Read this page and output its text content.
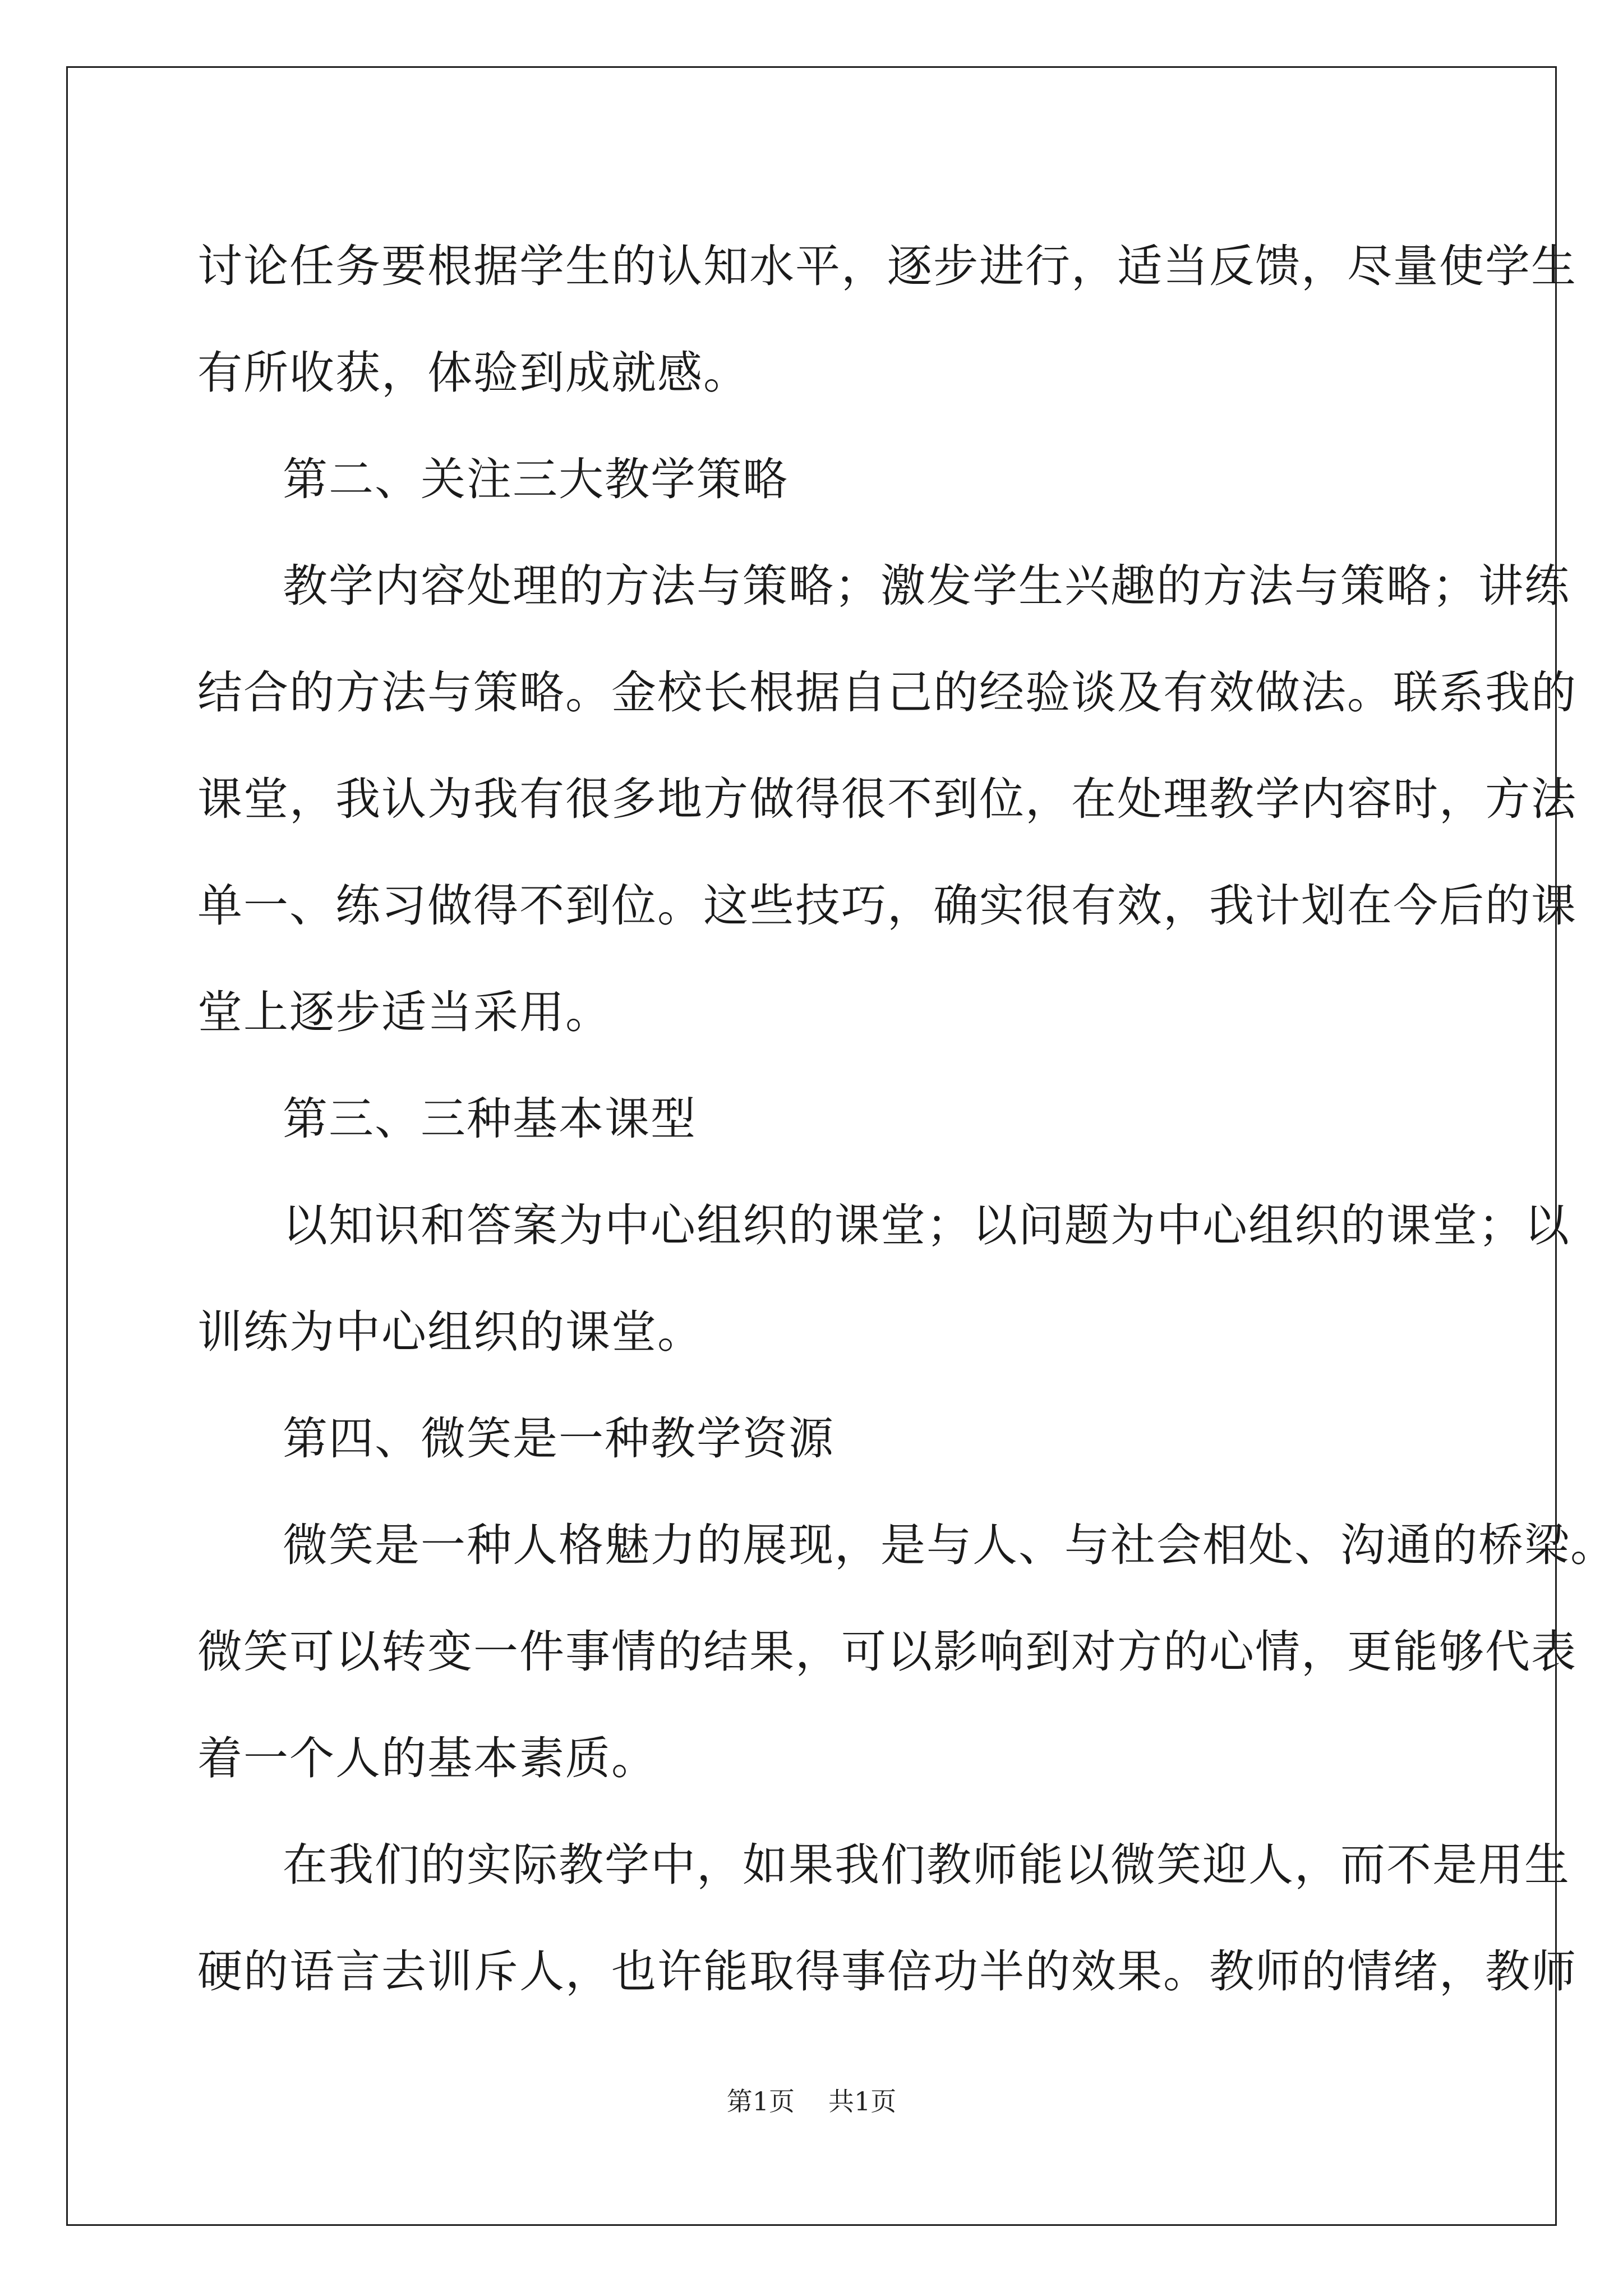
讨论任务要根据学生的认知水平，逐步进行，适当反馈，尽量使学生

有所收获，体验到成就感。

第二、关注三大教学策略

教学内容处理的方法与策略；激发学生兴趣的方法与策略；讲练

结合的方法与策略。金校长根据自己的经验谈及有效做法。联系我的

课堂，我认为我有很多地方做得很不到位，在处理教学内容时，方法

单一、练习做得不到位。这些技巧，确实很有效，我计划在今后的课

堂上逐步适当采用。

第三、三种基本课型

以知识和答案为中心组织的课堂；以问题为中心组织的课堂；以

训练为中心组织的课堂。

第四、微笑是一种教学资源

微笑是一种人格魅力的展现，是与人、与社会相处、沟通的桥梁。

微笑可以转变一件事情的结果，可以影响到对方的心情，更能够代表

着一个人的基本素质。

在我们的实际教学中，如果我们教师能以微笑迎人，而不是用生

硬的语言去训斥人，也许能取得事倍功半的效果。教师的情绪，教师

第1页 共1页
